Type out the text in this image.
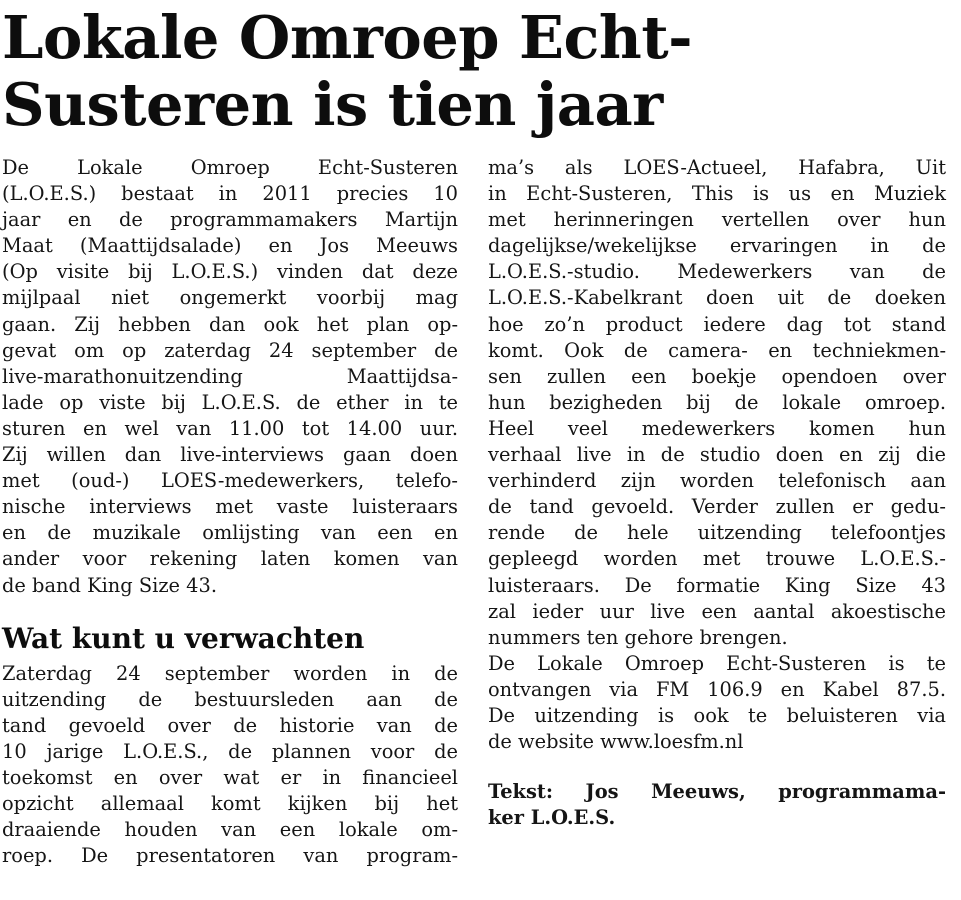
Lokale Omroep Echt-
Susteren is tien jaar
De Lokale Omroep Echt-Susteren
(L.O.E.S.) bestaat in 2011 precies 10
jaar en de programmamakers Martijn
Maat (Maattijdsalade) en Jos Meeuws
(Op visite bij L.O.E.S.) vinden dat deze
mijlpaal niet ongemerkt voorbij mag
gaan. Zij hebben dan ook het plan op-
gevat om op zaterdag 24 september de
live-marathonuitzending Maattijdsa-
lade op viste bij L.O.E.S. de ether in te
sturen en wel van 11.00 tot 14.00 uur.
Zij willen dan live-interviews gaan doen
met (oud-) LOES-medewerkers, telefo-
nische interviews met vaste luisteraars
en de muzikale omlijsting van een en
ander voor rekening laten komen van
de band King Size 43.
Wat kunt u verwachten
Zaterdag 24 september worden in de
uitzending de bestuursleden aan de
tand gevoeld over de historie van de
10 jarige L.O.E.S., de plannen voor de
toekomst en over wat er in financieel
opzicht allemaal komt kijken bij het
draaiende houden van een lokale om-
roep. De presentatoren van program-
ma’s als LOES-Actueel, Hafabra, Uit
in Echt-Susteren, This is us en Muziek
met herinneringen vertellen over hun
dagelijkse/wekelijkse ervaringen in de
L.O.E.S.-studio. Medewerkers van de
L.O.E.S.-Kabelkrant doen uit de doeken
hoe zo’n product iedere dag tot stand
komt. Ook de camera- en techniekmen-
sen zullen een boekje opendoen over
hun bezigheden bij de lokale omroep.
Heel veel medewerkers komen hun
verhaal live in de studio doen en zij die
verhinderd zijn worden telefonisch aan
de tand gevoeld. Verder zullen er gedu-
rende de hele uitzending telefoontjes
gepleegd worden met trouwe L.O.E.S.-
luisteraars. De formatie King Size 43
zal ieder uur live een aantal akoestische
nummers ten gehore brengen.
De Lokale Omroep Echt-Susteren is te
ontvangen via FM 106.9 en Kabel 87.5.
De uitzending is ook te beluisteren via
de website www.loesfm.nl
Tekst: Jos Meeuws, programmama-
ker L.O.E.S.
